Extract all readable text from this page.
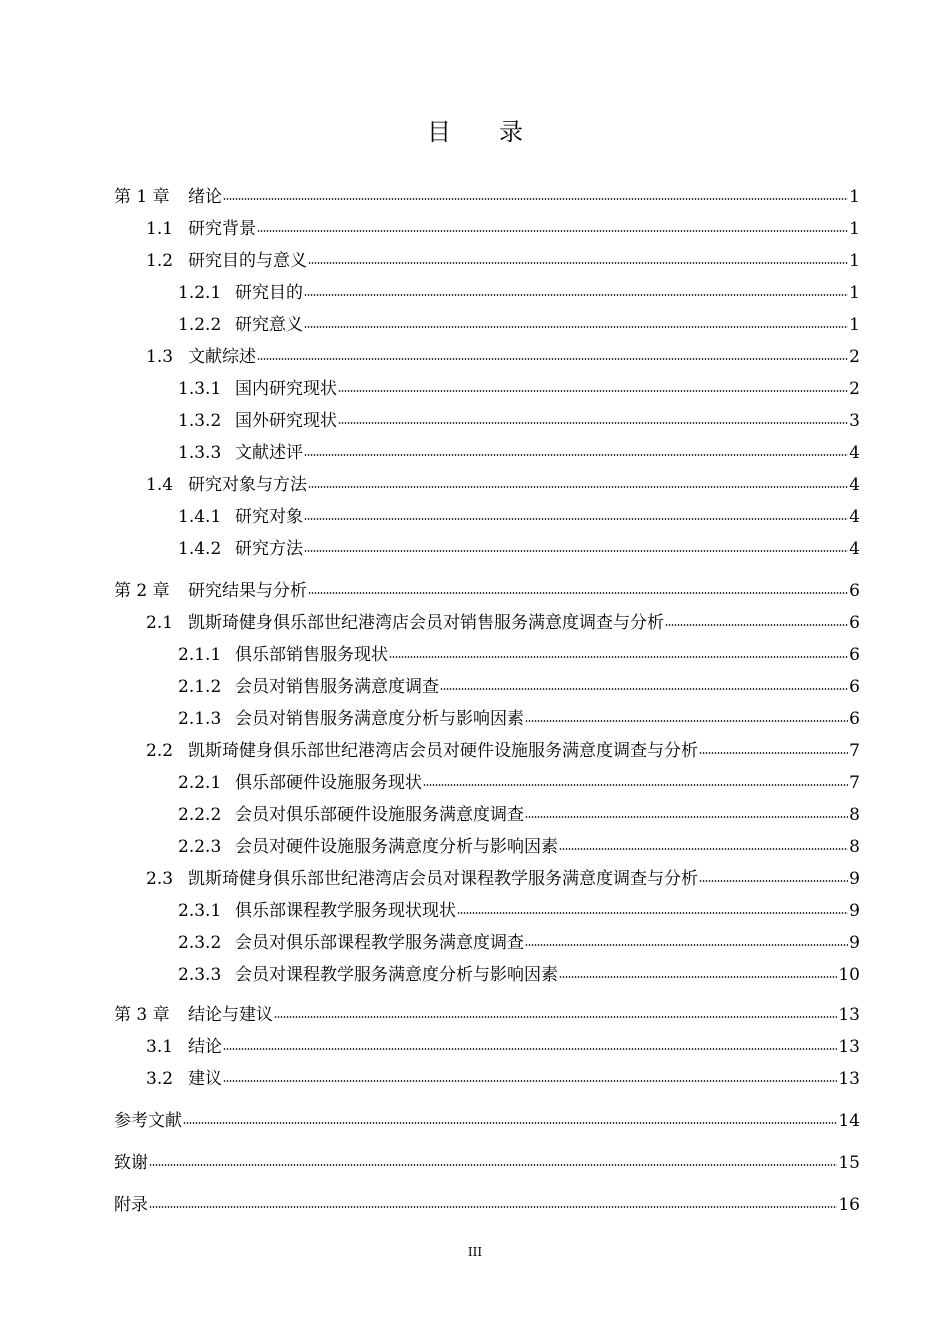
目 录
第 1 章	绪论	1
1.1 研究背景	1
1.2 研究目的与意义	1
1.2.1 研究目的	1
1.2.2 研究意义	1
1.3 文献综述	2
1.3.1 国内研究现状	2
1.3.2 国外研究现状	3
1.3.3 文献述评	4
1.4 研究对象与方法	4
1.4.1 研究对象	4
1.4.2 研究方法	4
第 2 章	研究结果与分析	6
2.1 凯斯琦健身俱乐部世纪港湾店会员对销售服务满意度调查与分析	6
2.1.1 俱乐部销售服务现状	6
2.1.2 会员对销售服务满意度调查	6
2.1.3 会员对销售服务满意度分析与影响因素	6
2.2 凯斯琦健身俱乐部世纪港湾店会员对硬件设施服务满意度调查与分析	7
2.2.1 俱乐部硬件设施服务现状	7
2.2.2 会员对俱乐部硬件设施服务满意度调查	8
2.2.3 会员对硬件设施服务满意度分析与影响因素	8
2.3 凯斯琦健身俱乐部世纪港湾店会员对课程教学服务满意度调查与分析	9
2.3.1 俱乐部课程教学服务现状现状	9
2.3.2 会员对俱乐部课程教学服务满意度调查	9
2.3.3 会员对课程教学服务满意度分析与影响因素	10
第 3 章	结论与建议	13
3.1 结论	13
3.2 建议	13
参考文献	14
致谢	15
附录	16
III
